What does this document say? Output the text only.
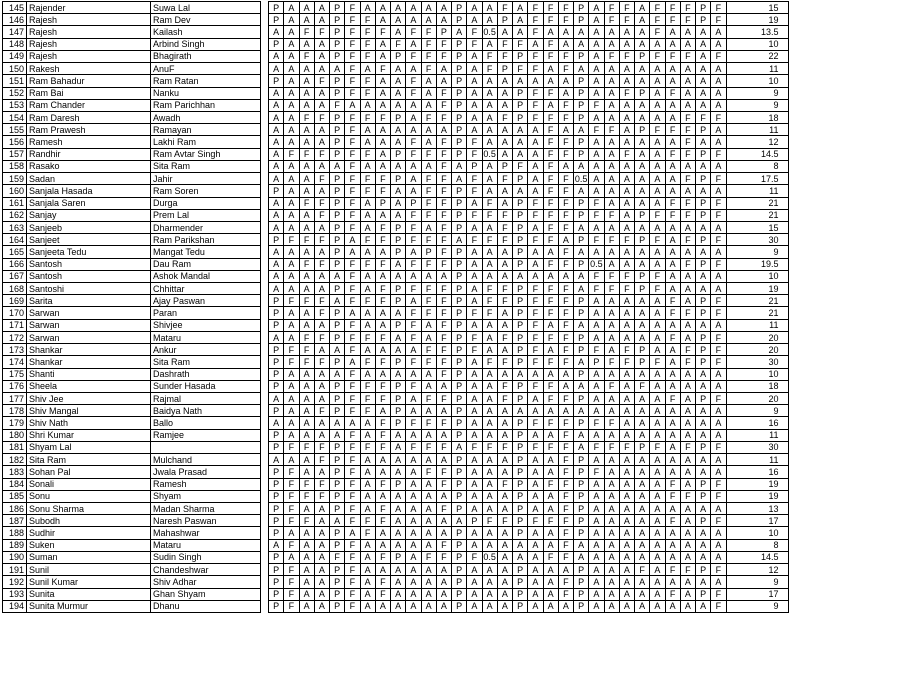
145	Rajender	Suwa Lal		P	A	A	A	P	F	A	A	A	A	A	A	P	A	A	F	A	F	F	F	P	A	F	F	A	F	F	F	P	F	15
146	Rajesh	Ram Dev		P	A	A	A	P	F	F	A	A	A	A	A	P	A	A	P	A	F	F	F	P	A	F	F	A	F	F	F	P	F	19
147	Rajesh	Kailash		A	A	F	F	P	F	F	F	A	F	F	P	A	F	0.5	A	A	F	A	A	A	A	A	A	A	F	A	A	A	A	13.5
148	Rajesh	Arbind Singh		P	A	A	A	P	F	F	A	F	A	F	F	P	F	A	F	F	A	F	A	A	A	A	A	A	A	A	A	A	A	10
149	Rajesh	Bhagirath		A	A	F	A	P	F	F	A	P	F	F	F	P	A	F	F	P	F	F	F	P	A	F	F	P	F	F	F	A	F	22
150	Rakesh	AnuF		A	A	A	A	A	F	A	F	A	A	F	A	P	A	F	P	F	F	A	F	A	A	A	A	A	A	A	A	A	A	11
151	Ram Bahadur	Ram Ratan		P	A	A	F	P	F	F	A	A	F	A	A	P	A	A	A	A	A	A	A	P	A	A	A	A	A	A	A	A	A	10
152	Ram Bai	Nanku		A	A	A	A	P	F	F	A	A	F	A	F	P	A	A	A	P	F	F	A	P	A	A	F	P	A	F	A	A	A	9
153	Ram Chander	Ram Parichhan		A	A	A	A	F	A	A	A	A	A	A	F	P	A	A	A	P	F	A	F	P	F	A	A	A	A	A	A	A	A	9
154	Ram Daresh	Awadh		A	A	F	F	P	F	F	F	P	A	F	F	P	A	A	F	P	F	F	F	P	A	A	A	A	A	A	F	F	F	18
155	Ram Prawesh	Ramayan		A	A	A	A	P	F	A	A	A	A	A	A	P	A	A	A	A	A	F	A	A	F	F	A	P	F	F	F	P	A	11
156	Ramesh	Lakhi Ram		A	A	A	A	P	F	A	A	A	F	A	F	P	F	A	A	A	A	F	F	P	A	A	A	A	A	A	F	A	A	12
157	Randhir	Ram Avtar Singh		A	F	F	F	P	F	F	A	P	F	F	F	P	F	0.5	A	A	A	F	F	P	A	A	F	A	A	F	F	P	F	14.5
158	Rasako	Sita Ram		A	A	A	A	A	F	A	A	A	A	A	F	A	P	A	P	F	A	F	A	A	A	A	A	A	A	A	A	A	A	8
159	Sadan	Jahir		A	A	A	F	P	F	F	F	P	A	F	F	A	F	A	F	P	A	F	F	0.5	A	A	A	A	A	A	F	P	F	17.5
160	Sanjala Hasada	Ram Soren		P	A	A	A	P	F	F	F	A	A	F	F	P	F	A	A	A	A	F	F	A	A	A	A	A	A	A	A	A	A	11
161	Sanjala Saren	Durga		A	A	F	F	P	F	A	P	A	P	F	F	P	A	F	A	P	F	F	F	P	F	A	A	A	A	F	F	P	F	21
162	Sanjay	Prem Lal		A	A	A	F	P	F	A	A	A	F	F	F	P	F	F	F	P	F	F	F	P	F	F	A	P	F	F	F	P	F	21
163	Sanjeeb	Dharmender		A	A	A	A	P	F	A	F	P	F	A	F	P	A	A	F	P	A	F	F	A	A	A	A	A	A	A	A	A	A	15
164	Sanjeet	Ram Parikshan		P	F	F	F	P	A	F	F	P	F	F	F	A	F	F	F	P	F	F	A	P	F	F	F	P	F	A	F	P	F	30
165	Sanjeeta Tedu	Mangat Tedu		A	A	A	A	P	A	A	A	P	A	P	F	P	A	A	A	P	A	A	F	A	A	A	A	A	A	A	A	A	A	9
166	Santosh	Dau Ram		A	A	F	F	P	F	F	F	A	F	F	F	P	A	A	A	P	A	F	F	P	0.5	A	A	A	A	A	F	P	F	19.5
167	Santosh	Ashok Mandal		A	A	A	A	A	F	A	A	A	A	A	A	P	A	A	A	A	A	A	A	A	F	F	F	P	F	A	A	A	A	10
168	Santoshi	Chhittar		A	A	A	A	P	F	A	F	P	F	F	F	P	A	F	F	P	F	F	F	A	F	F	F	P	F	A	A	A	A	19
169	Sarita	Ajay Paswan		P	F	F	F	A	F	F	F	P	A	F	F	P	A	F	F	P	F	F	F	P	A	A	A	A	A	F	A	P	F	21
170	Sarwan	Paran		P	A	A	F	P	A	A	A	A	F	F	F	P	F	F	A	P	F	F	F	P	A	A	A	A	A	F	F	P	F	21
171	Sarwan	Shivjee		P	A	A	A	P	F	A	A	P	F	A	F	P	A	A	A	P	F	A	F	A	A	A	A	A	A	A	A	A	A	11
172	Sarwan	Mataru		A	A	F	F	P	F	F	F	A	F	A	F	P	F	A	F	P	F	F	F	P	A	A	A	A	A	F	A	P	F	20
173	Shankar	Ankur		P	F	F	A	A	F	A	A	A	A	F	F	P	F	A	A	P	F	A	F	P	F	A	F	P	A	A	F	P	F	20
174	Shankar	Sita Ram		P	F	F	F	P	A	F	F	P	F	F	F	P	A	F	F	P	F	F	F	A	P	F	F	P	F	A	F	P	F	30
175	Shanti	Dashrath		P	A	A	A	A	F	A	A	A	A	A	F	P	A	A	A	A	A	A	A	P	A	A	A	A	A	A	A	A	A	10
176	Sheela	Sunder Hasada		P	A	A	A	P	F	F	F	P	F	A	A	P	A	A	F	P	F	F	A	A	A	F	A	F	A	A	A	A	A	18
177	Shiv Jee	Rajmal		A	A	A	A	P	F	F	F	P	A	F	F	P	A	A	F	P	A	F	F	P	A	A	A	A	A	F	A	P	F	20
178	Shiv Mangal	Baidya Nath		P	A	A	F	P	F	F	A	P	A	A	A	P	A	A	A	A	A	A	A	A	A	A	A	A	A	A	A	A	A	9
179	Shiv Nath	Ballo		A	A	A	A	A	A	A	F	P	F	F	F	P	A	A	A	P	F	F	F	P	F	F	A	A	A	A	A	A	A	16
180	Shri Kumar	Ramjee		P	A	A	A	A	F	A	F	A	A	A	A	P	A	A	A	P	A	A	F	A	A	A	A	A	A	A	A	A	A	11
181	Shyam Lal			P	F	F	F	P	F	F	F	A	F	F	F	A	F	F	F	P	F	F	F	A	F	F	F	P	F	A	F	P	F	30
182	Sita Ram	Mulchand		A	A	A	F	P	F	A	A	A	A	A	A	P	A	A	A	P	A	A	F	P	A	A	A	A	A	A	A	A	A	11
183	Sohan Pal	Jwala Prasad		P	F	A	A	P	F	A	A	A	A	F	F	P	A	A	A	P	A	A	F	P	F	A	A	A	A	A	A	A	A	16
184	Sonali	Ramesh		P	F	F	F	P	F	A	F	P	A	A	F	P	A	A	F	P	A	F	F	P	A	A	A	A	A	F	A	P	F	19
185	Sonu	Shyam		P	F	F	F	P	F	A	A	A	A	A	A	P	A	A	A	P	A	A	F	P	A	A	A	A	A	F	F	P	F	19
186	Sonu Sharma	Madan Sharma		P	F	A	A	P	F	A	F	A	A	A	F	P	A	A	A	P	A	A	F	P	A	A	A	A	A	A	A	A	A	13
187	Subodh	Naresh Paswan		P	F	F	A	A	F	F	F	A	A	A	A	A	P	F	F	P	F	F	F	P	A	A	A	A	A	F	A	P	F	17
188	Sudhir	Mahashwar		P	A	A	A	P	A	F	A	A	A	A	A	P	A	A	A	P	A	A	F	P	A	A	A	A	A	A	A	A	A	10
189	Suken	Mataru		A	F	A	A	P	F	A	A	A	A	A	F	P	A	A	A	A	A	A	F	A	A	A	A	A	A	A	A	A	A	8
190	Suman	Sudin Singh		P	A	A	A	F	F	A	F	P	A	F	F	P	F	0.5	A	A	A	F	F	A	A	A	A	A	A	A	A	A	A	14.5
191	Sunil	Chandeshwar		P	F	A	A	P	F	A	A	A	A	A	A	P	A	A	A	P	A	A	A	P	A	A	A	F	A	F	F	P	F	12
192	Sunil Kumar	Shiv Adhar		P	F	A	A	P	F	A	F	A	A	A	A	P	A	A	A	P	A	A	F	P	A	A	A	A	A	A	A	A	A	9
193	Sunita	Ghan Shyam		P	F	A	A	P	F	A	F	A	A	A	A	P	A	A	A	P	A	A	F	P	A	A	A	A	A	F	A	P	F	17
194	Sunita Murmur	Dhanu		P	F	A	A	P	F	A	A	A	A	A	A	P	A	A	A	P	A	A	A	P	A	A	A	A	A	A	A	A	F	9
